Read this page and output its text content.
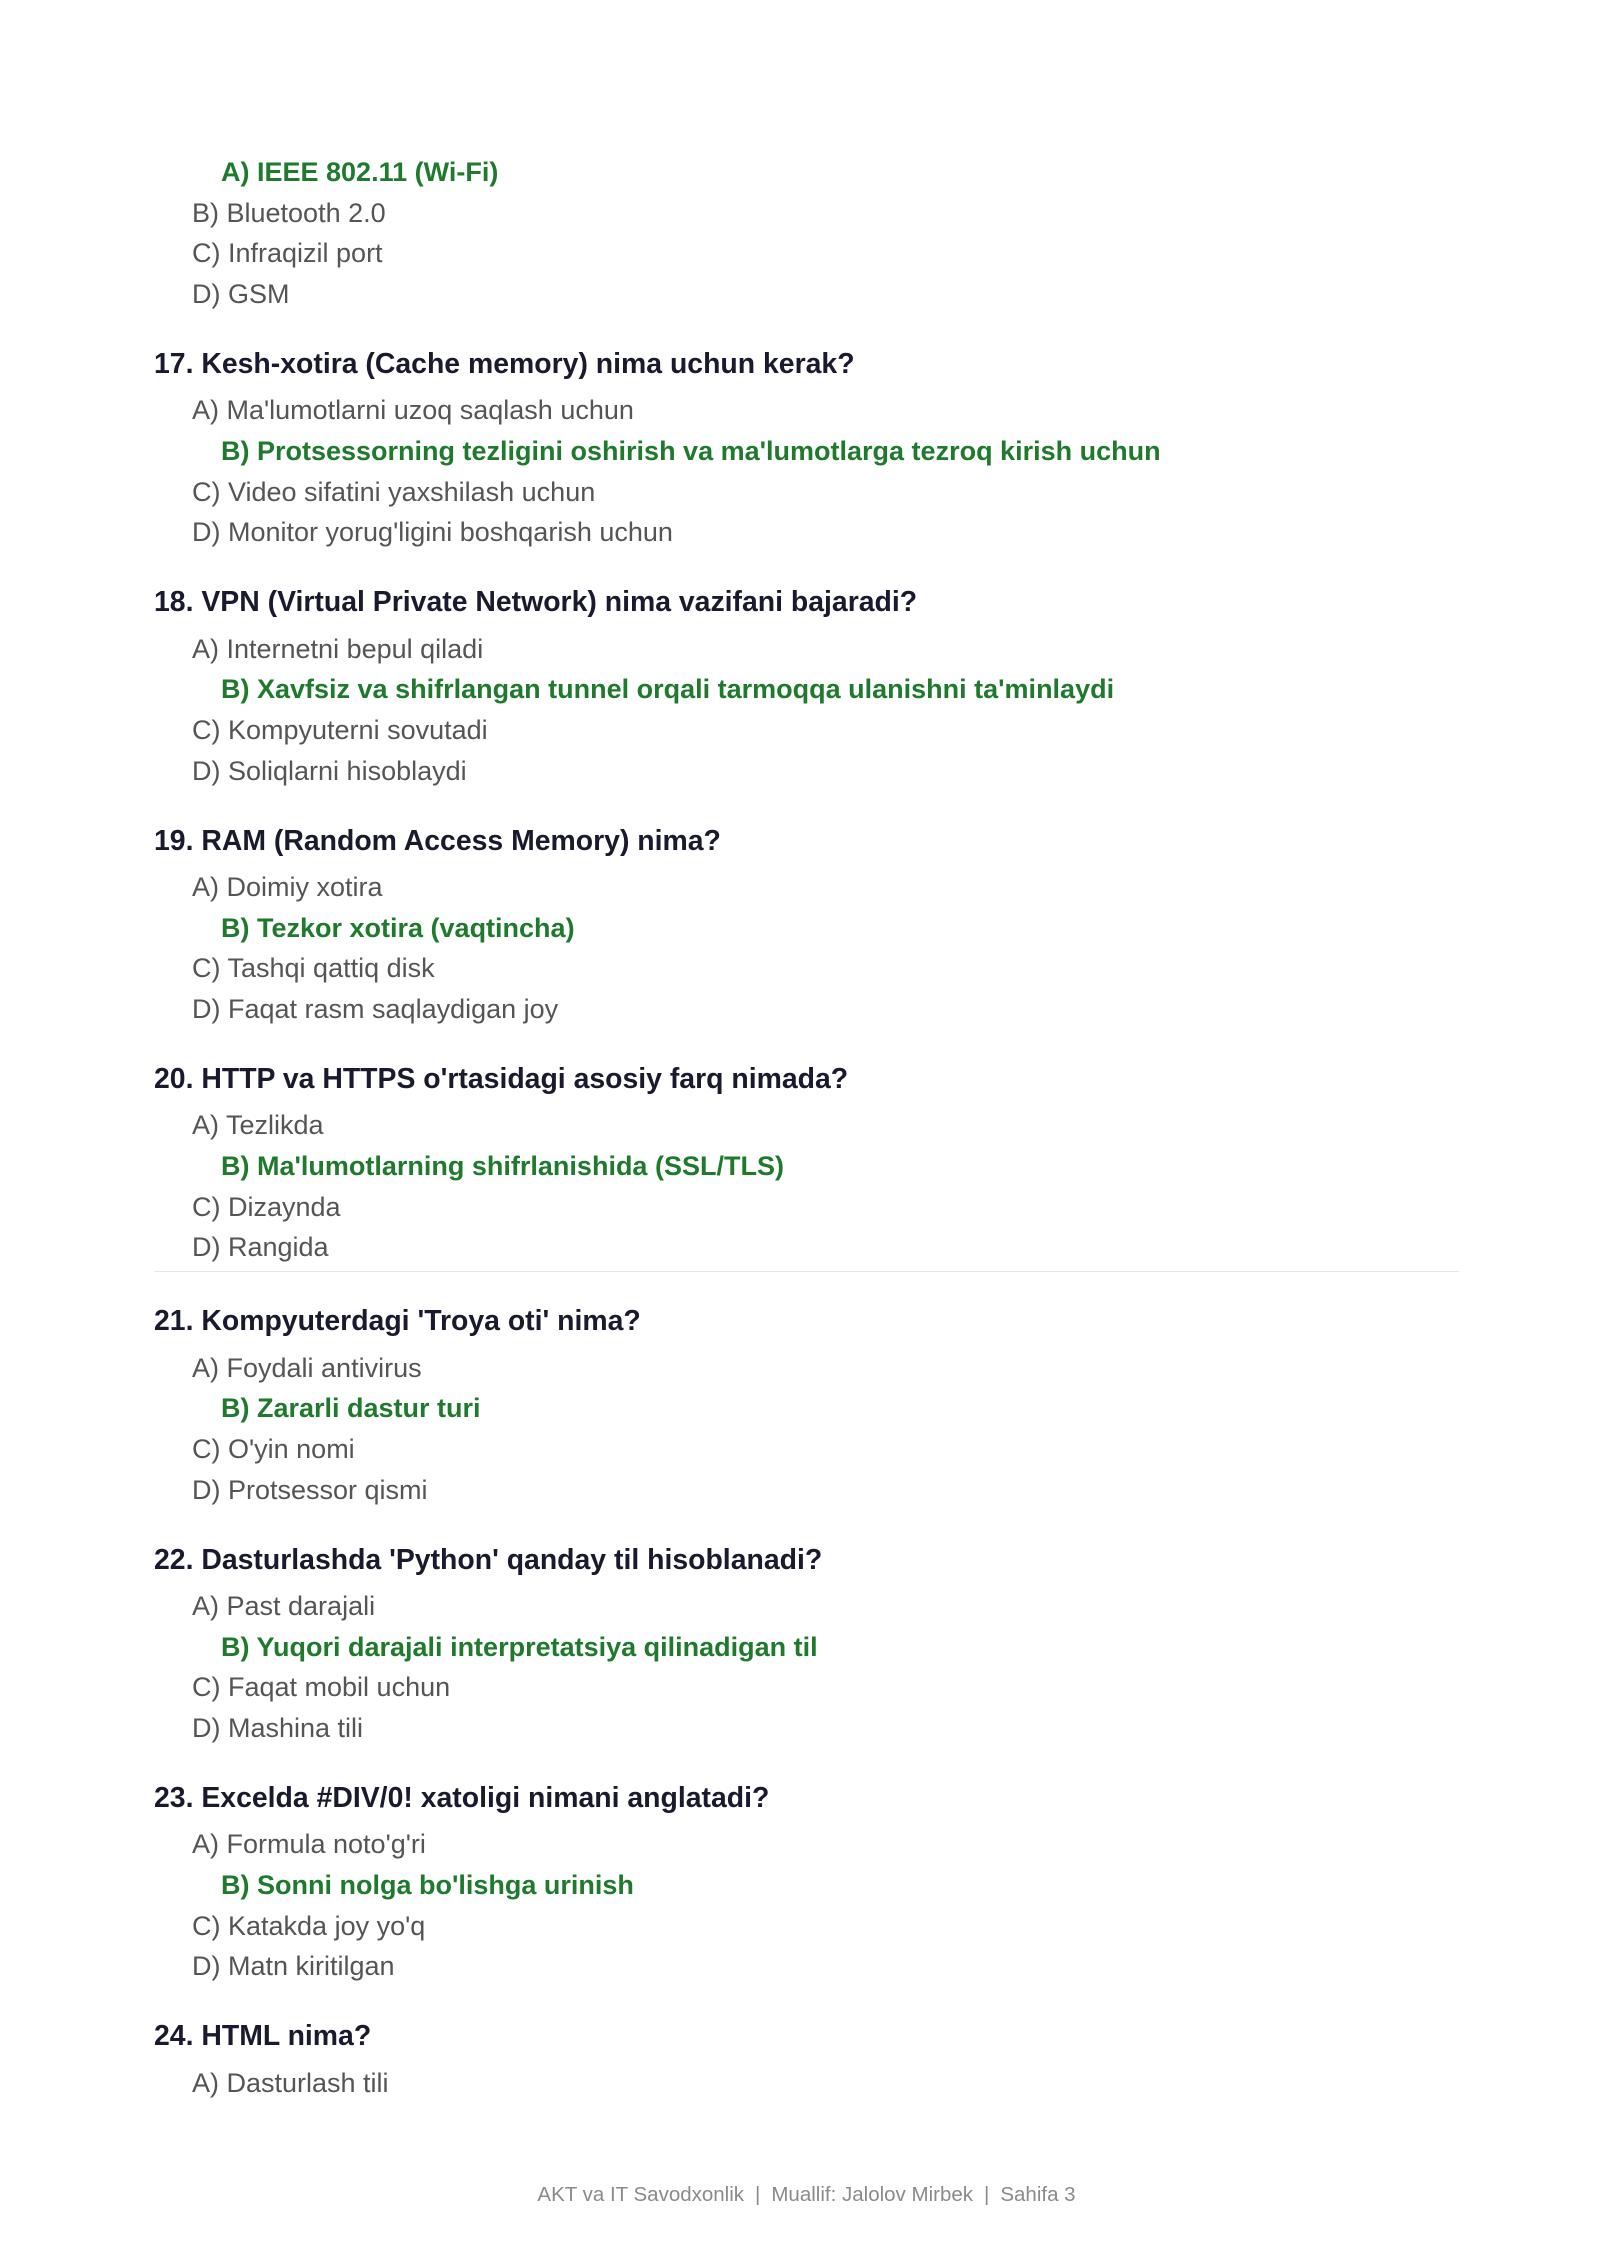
A) IEEE 802.11 (Wi-Fi)
B) Bluetooth 2.0
C) Infraqizil port
D) GSM
17. Kesh-xotira (Cache memory) nima uchun kerak?
A) Ma'lumotlarni uzoq saqlash uchun
B) Protsessorning tezligini oshirish va ma'lumotlarga tezroq kirish uchun
C) Video sifatini yaxshilash uchun
D) Monitor yorug'ligini boshqarish uchun
18. VPN (Virtual Private Network) nima vazifani bajaradi?
A) Internetni bepul qiladi
B) Xavfsiz va shifrlangan tunnel orqali tarmoqqa ulanishni ta'minlaydi
C) Kompyuterni sovutadi
D) Soliqlarni hisoblaydi
19. RAM (Random Access Memory) nima?
A) Doimiy xotira
B) Tezkor xotira (vaqtincha)
C) Tashqi qattiq disk
D) Faqat rasm saqlaydigan joy
20. HTTP va HTTPS o'rtasidagi asosiy farq nimada?
A) Tezlikda
B) Ma'lumotlarning shifrlanishida (SSL/TLS)
C) Dizaynda
D) Rangida
21. Kompyuterdagi 'Troya oti' nima?
A) Foydali antivirus
B) Zararli dastur turi
C) O'yin nomi
D) Protsessor qismi
22. Dasturlashda 'Python' qanday til hisoblanadi?
A) Past darajali
B) Yuqori darajali interpretatsiya qilinadigan til
C) Faqat mobil uchun
D) Mashina tili
23. Excelda #DIV/0! xatoligi nimani anglatadi?
A) Formula noto'g'ri
B) Sonni nolga bo'lishga urinish
C) Katakda joy yo'q
D) Matn kiritilgan
24. HTML nima?
A) Dasturlash tili
AKT va IT Savodxonlik | Muallif: Jalolov Mirbek | Sahifa 3
